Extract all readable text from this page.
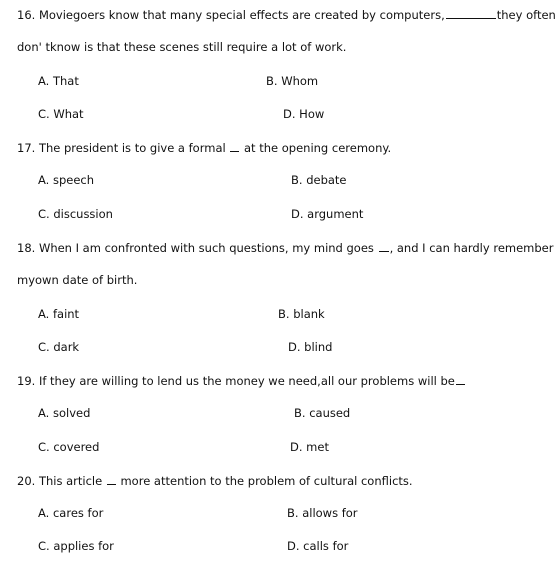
16. Moviegoers know that many special effects are created by computers,	they often
don' tknow is that these scenes still require a lot of work.
A. That	B. Whom
C. What	D. How
17. The president is to give a formal at the opening ceremony.
A. speech	B. debate
C. discussion	D. argument
18. When I am confronted with such questions, my mind goes , and I can hardly remember
myown date of birth.
A. faint	B. blank
C. dark	D. blind
19. If they are willing to lend us the money we need,all our problems will be
A. solved	B. caused
C. covered	D. met
20. This article more attention to the problem of cultural conflicts.
A. cares for	B. allows for
C. applies for	D. calls for
